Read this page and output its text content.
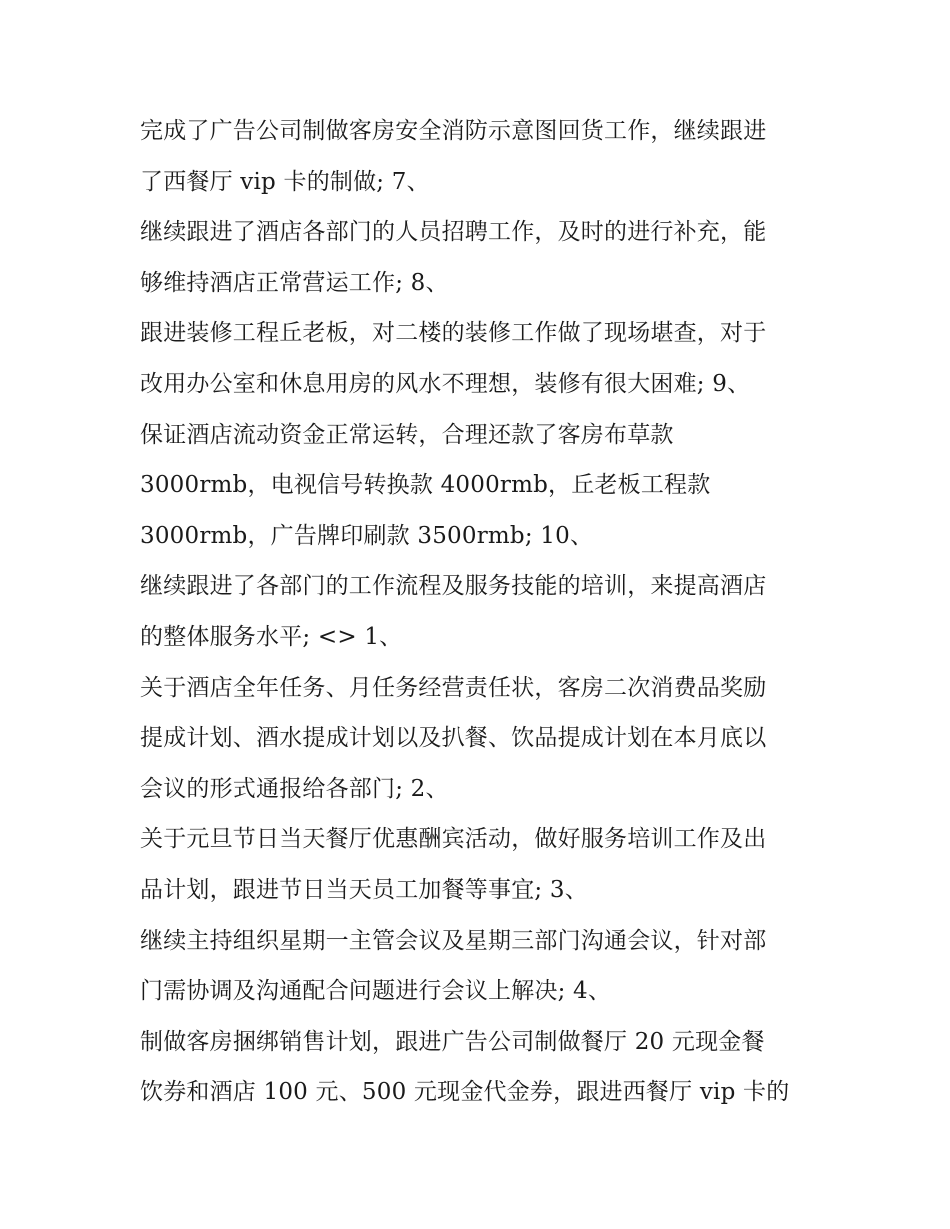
完成了广告公司制做客房安全消防示意图回货工作，继续跟进
了西餐厅 vip 卡的制做; 7、
继续跟进了酒店各部门的人员招聘工作，及时的进行补充，能
够维持酒店正常营运工作; 8、
跟进装修工程丘老板，对二楼的装修工作做了现场堪查，对于
改用办公室和休息用房的风水不理想，装修有很大困难; 9、
保证酒店流动资金正常运转，合理还款了客房布草款
3000rmb，电视信号转换款 4000rmb，丘老板工程款
3000rmb，广告牌印刷款 3500rmb; 10、
继续跟进了各部门的工作流程及服务技能的培训，来提高酒店
的整体服务水平; <> 1、
关于酒店全年任务、月任务经营责任状，客房二次消费品奖励
提成计划、酒水提成计划以及扒餐、饮品提成计划在本月底以
会议的形式通报给各部门; 2、
关于元旦节日当天餐厅优惠酬宾活动，做好服务培训工作及出
品计划，跟进节日当天员工加餐等事宜; 3、
继续主持组织星期一主管会议及星期三部门沟通会议，针对部
门需协调及沟通配合问题进行会议上解决; 4、
制做客房捆绑销售计划，跟进广告公司制做餐厅 20 元现金餐
饮券和酒店 100 元、500 元现金代金券，跟进西餐厅 vip 卡的
